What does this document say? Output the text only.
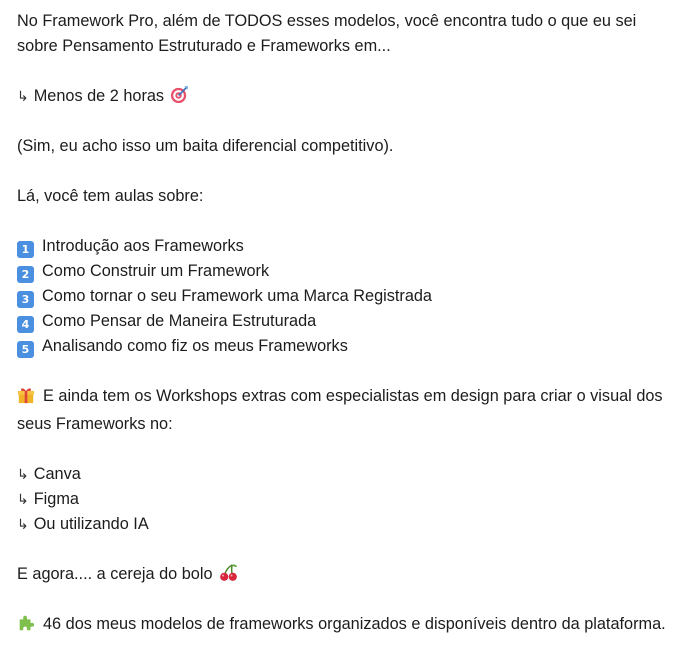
No Framework Pro, além de TODOS esses modelos, você encontra tudo o que eu sei sobre Pensamento Estruturado e Frameworks em...
↳ Menos de 2 horas
(Sim, eu acho isso um baita diferencial competitivo).
Lá, você tem aulas sobre:
1 Introdução aos Frameworks
2 Como Construir um Framework
3 Como tornar o seu Framework uma Marca Registrada
4 Como Pensar de Maneira Estruturada
5 Analisando como fiz os meus Frameworks
E ainda tem os Workshops extras com especialistas em design para criar o visual dos seus Frameworks no:
↳ Canva
↳ Figma
↳ Ou utilizando IA
E agora.... a cereja do bolo
46 dos meus modelos de frameworks organizados e disponíveis dentro da plataforma.
